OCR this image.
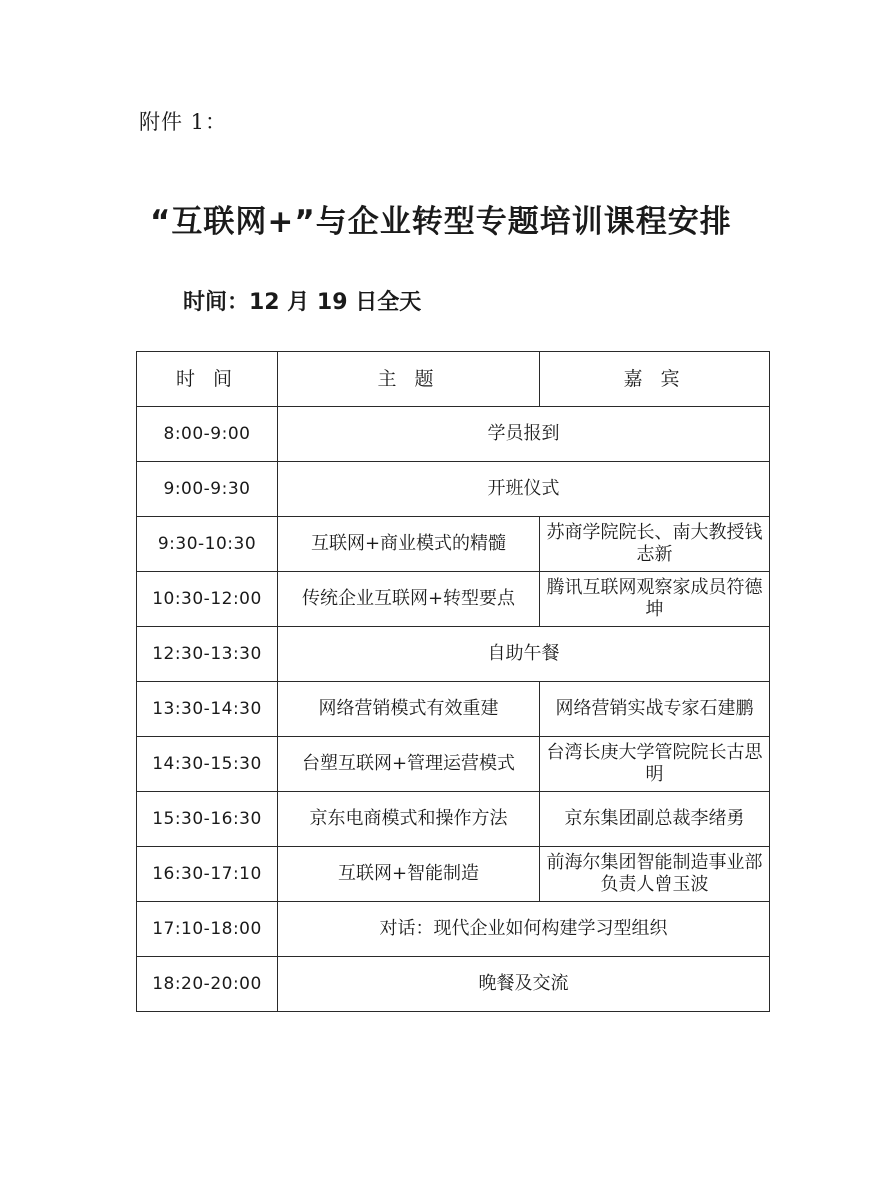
附件 1：
“互联网+”与企业转型专题培训课程安排
时间：12 月 19 日全天
时 间	主 题	嘉 宾
8:00-9:00	学员报到	
9:00-9:30	开班仪式	
9:30-10:30	互联网+商业模式的精髓	苏商学院院长、南大教授钱志新
10:30-12:00	传统企业互联网+转型要点	腾讯互联网观察家成员符德坤
12:30-13:30	自助午餐	
13:30-14:30	网络营销模式有效重建	网络营销实战专家石建鹏
14:30-15:30	台塑互联网+管理运营模式	台湾长庚大学管院院长古思明
15:30-16:30	京东电商模式和操作方法	京东集团副总裁李绪勇
16:30-17:10	互联网+智能制造	前海尔集团智能制造事业部负责人曾玉波
17:10-18:00	对话：现代企业如何构建学习型组织	
18:20-20:00	晚餐及交流	
